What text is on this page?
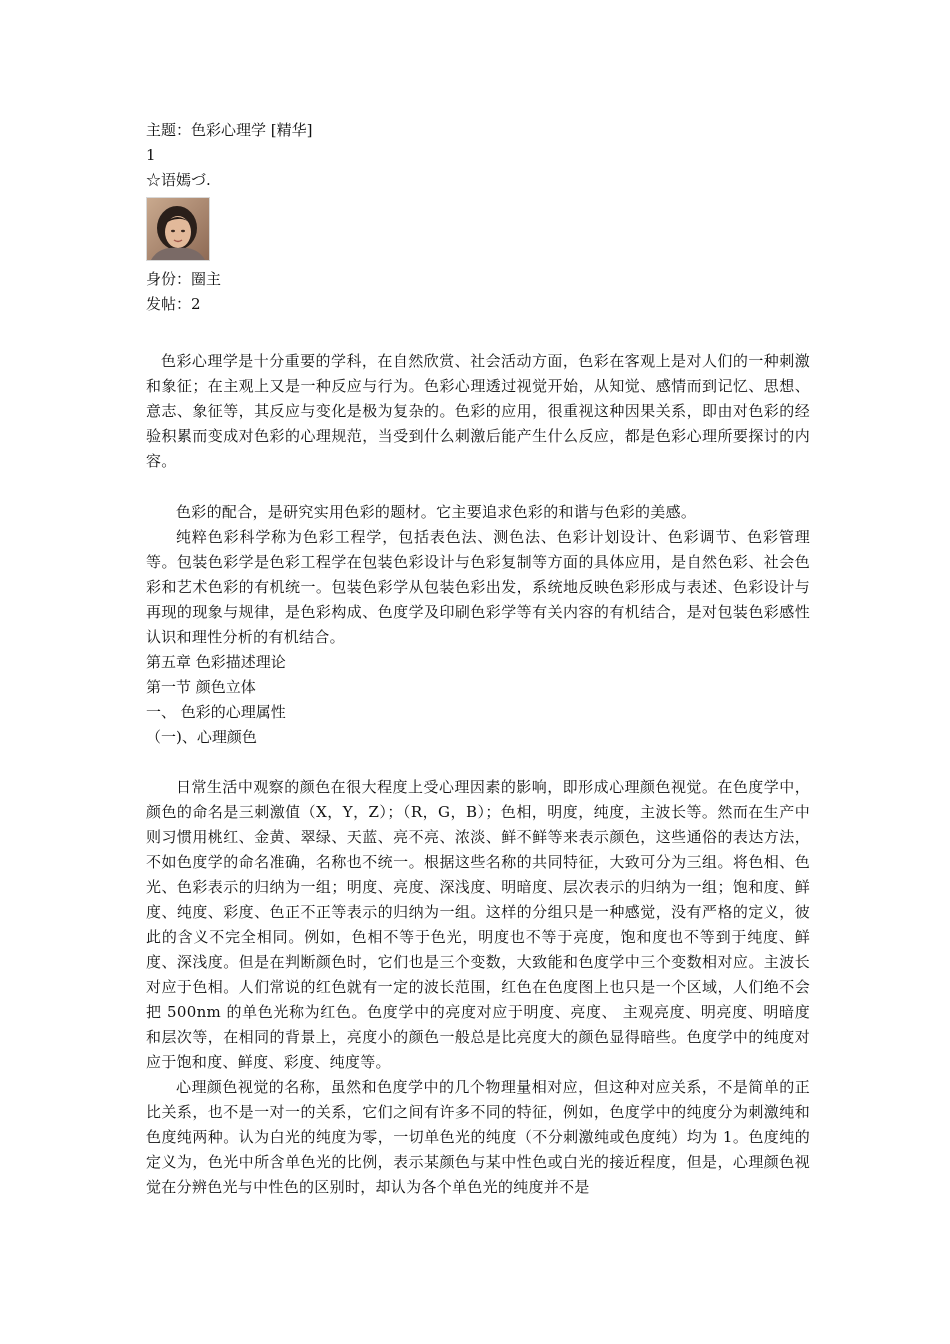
主题：色彩心理学 [精华]
1
☆语嫣づ.
身份：圈主
发帖：2

色彩心理学是十分重要的学科，在自然欣赏、社会活动方面，色彩在客观上是对人们的一种刺激和象征；在主观上又是一种反应与行为。色彩心理透过视觉开始，从知觉、感情而到记忆、思想、意志、象征等，其反应与变化是极为复杂的。色彩的应用，很重视这种因果关系，即由对色彩的经验积累而变成对色彩的心理规范，当受到什么刺激后能产生什么反应，都是色彩心理所要探讨的内容。

色彩的配合，是研究实用色彩的题材。它主要追求色彩的和谐与色彩的美感。

纯粹色彩科学称为色彩工程学，包括表色法、测色法、色彩计划设计、色彩调节、色彩管理等。包装色彩学是色彩工程学在包装色彩设计与色彩复制等方面的具体应用，是自然色彩、社会色彩和艺术色彩的有机统一。包装色彩学从包装色彩出发，系统地反映色彩形成与表述、色彩设计与再现的现象与规律，是色彩构成、色度学及印刷色彩学等有关内容的有机结合，是对包装色彩感性认识和理性分析的有机结合。

第五章 色彩描述理论
第一节 颜色立体
一、 色彩的心理属性
（一)、心理颜色

日常生活中观察的颜色在很大程度上受心理因素的影响，即形成心理颜色视觉。在色度学中，颜色的命名是三刺激值（X，Y，Z）；（R，G，B）；色相，明度，纯度，主波长等。然而在生产中则习惯用桃红、金黄、翠绿、天蓝、亮不亮、浓淡、鲜不鲜等来表示颜色，这些通俗的表达方法，不如色度学的命名准确，名称也不统一。根据这些名称的共同特征，大致可分为三组。将色相、色光、色彩表示的归纳为一组；明度、亮度、深浅度、明暗度、层次表示的归纳为一组；饱和度、鲜度、纯度、彩度、色正不正等表示的归纳为一组。这样的分组只是一种感觉，没有严格的定义，彼此的含义不完全相同。例如，色相不等于色光，明度也不等于亮度，饱和度也不等到于纯度、鲜度、深浅度。但是在判断颜色时，它们也是三个变数，大致能和色度学中三个变数相对应。主波长对应于色相。人们常说的红色就有一定的波长范围，红色在色度图上也只是一个区域，人们绝不会把 500nm 的单色光称为红色。色度学中的亮度对应于明度、亮度、 主观亮度、明亮度、明暗度和层次等，在相同的背景上，亮度小的颜色一般总是比亮度大的颜色显得暗些。色度学中的纯度对应于饱和度、鲜度、彩度、纯度等。

心理颜色视觉的名称，虽然和色度学中的几个物理量相对应，但这种对应关系，不是简单的正比关系，也不是一对一的关系，它们之间有许多不同的特征，例如，色度学中的纯度分为刺激纯和色度纯两种。认为白光的纯度为零，一切单色光的纯度（不分刺激纯或色度纯）均为 1。色度纯的定义为，色光中所含单色光的比例，表示某颜色与某中性色或白光的接近程度，但是，心理颜色视觉在分辨色光与中性色的区别时，却认为各个单色光的纯度并不是
